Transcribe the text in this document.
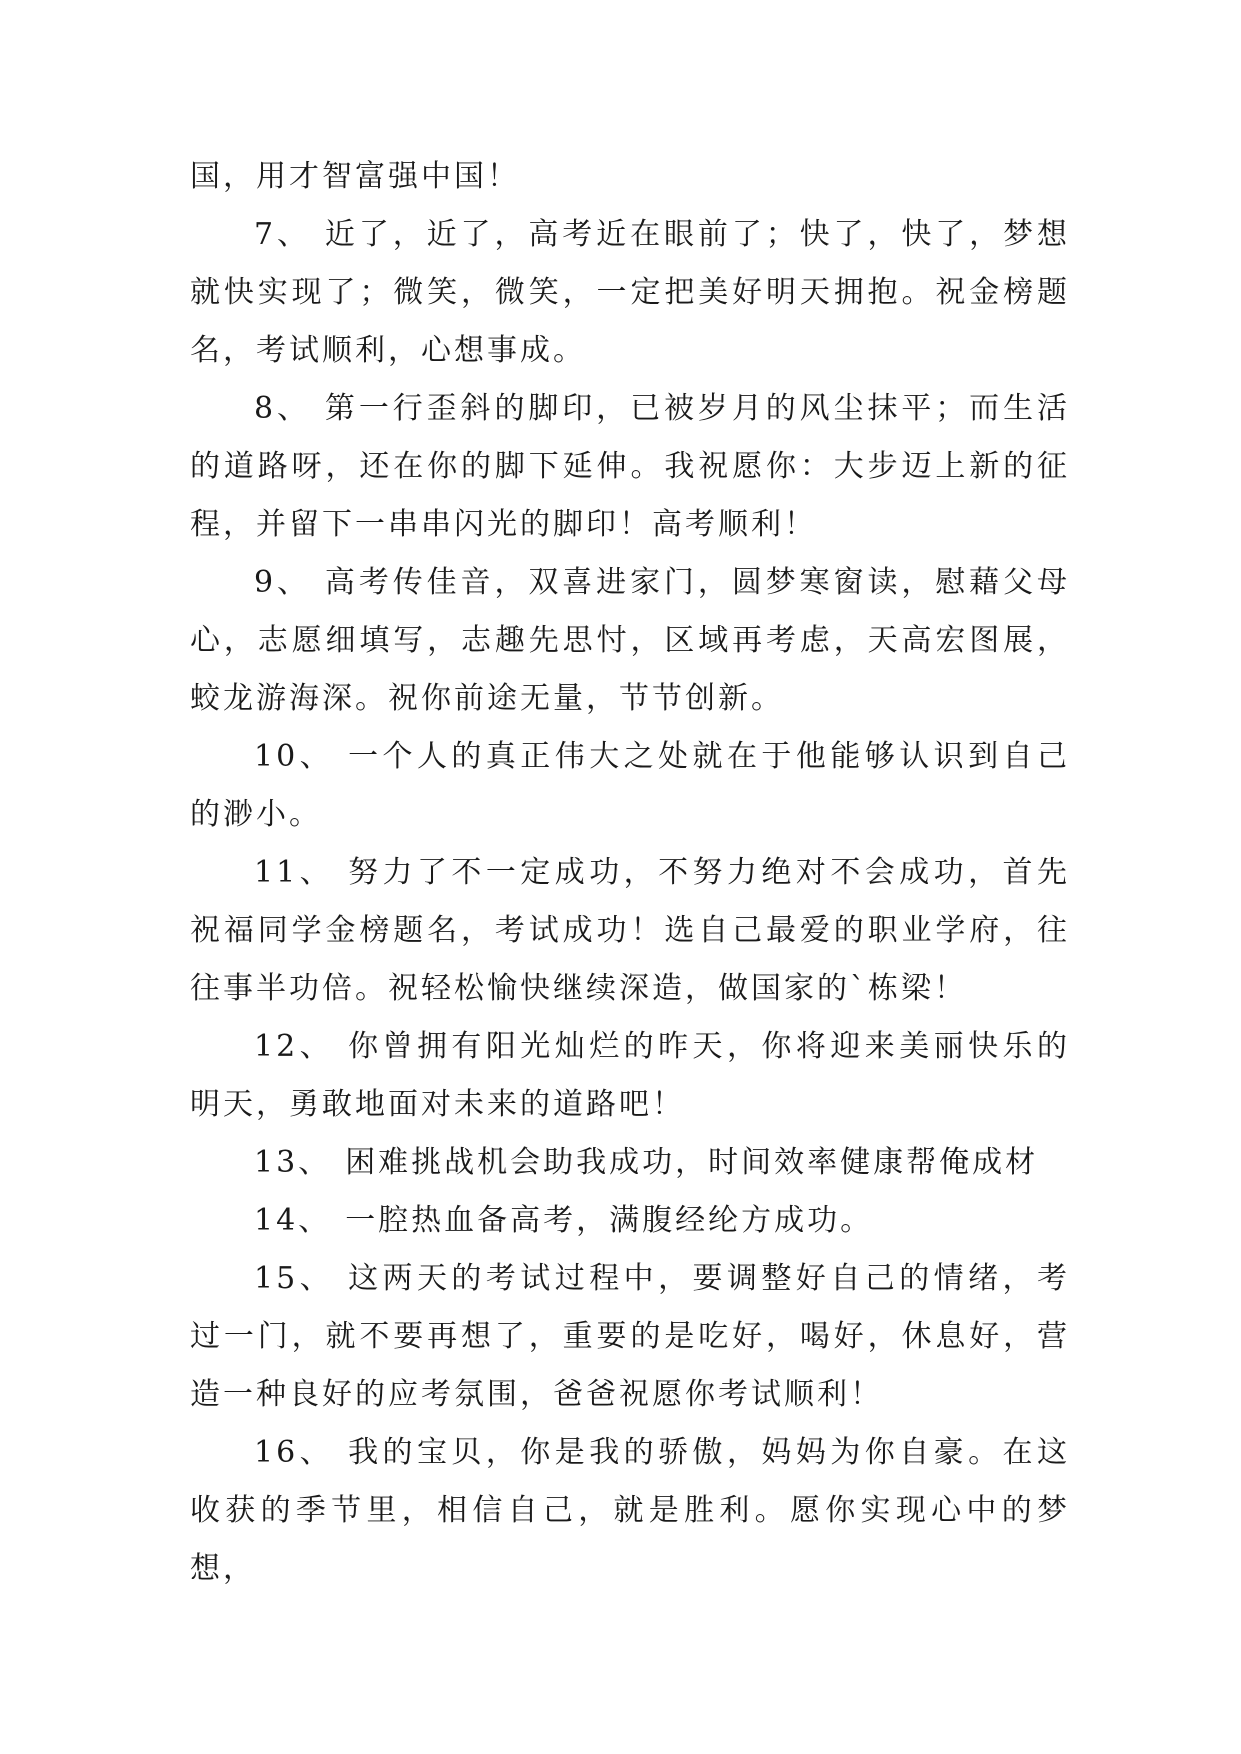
国，用才智富强中国！

7、 近了，近了，高考近在眼前了；快了，快了，梦想就快实现了；微笑，微笑，一定把美好明天拥抱。祝金榜题名，考试顺利，心想事成。

8、 第一行歪斜的脚印，已被岁月的风尘抹平；而生活的道路呀，还在你的脚下延伸。我祝愿你：大步迈上新的征程，并留下一串串闪光的脚印！高考顺利！

9、 高考传佳音，双喜进家门，圆梦寒窗读，慰藉父母心，志愿细填写，志趣先思忖，区域再考虑，天高宏图展，蛟龙游海深。祝你前途无量，节节创新。

10、 一个人的真正伟大之处就在于他能够认识到自己的渺小。

11、 努力了不一定成功，不努力绝对不会成功，首先祝福同学金榜题名，考试成功！选自己最爱的职业学府，往往事半功倍。祝轻松愉快继续深造，做国家的`栋梁！

12、 你曾拥有阳光灿烂的昨天，你将迎来美丽快乐的明天，勇敢地面对未来的道路吧！

13、 困难挑战机会助我成功，时间效率健康帮俺成材

14、 一腔热血备高考，满腹经纶方成功。

15、 这两天的考试过程中，要调整好自己的情绪，考过一门，就不要再想了，重要的是吃好，喝好，休息好，营造一种良好的应考氛围，爸爸祝愿你考试顺利！

16、 我的宝贝，你是我的骄傲，妈妈为你自豪。在这收获的季节里，相信自己，就是胜利。愿你实现心中的梦想，
